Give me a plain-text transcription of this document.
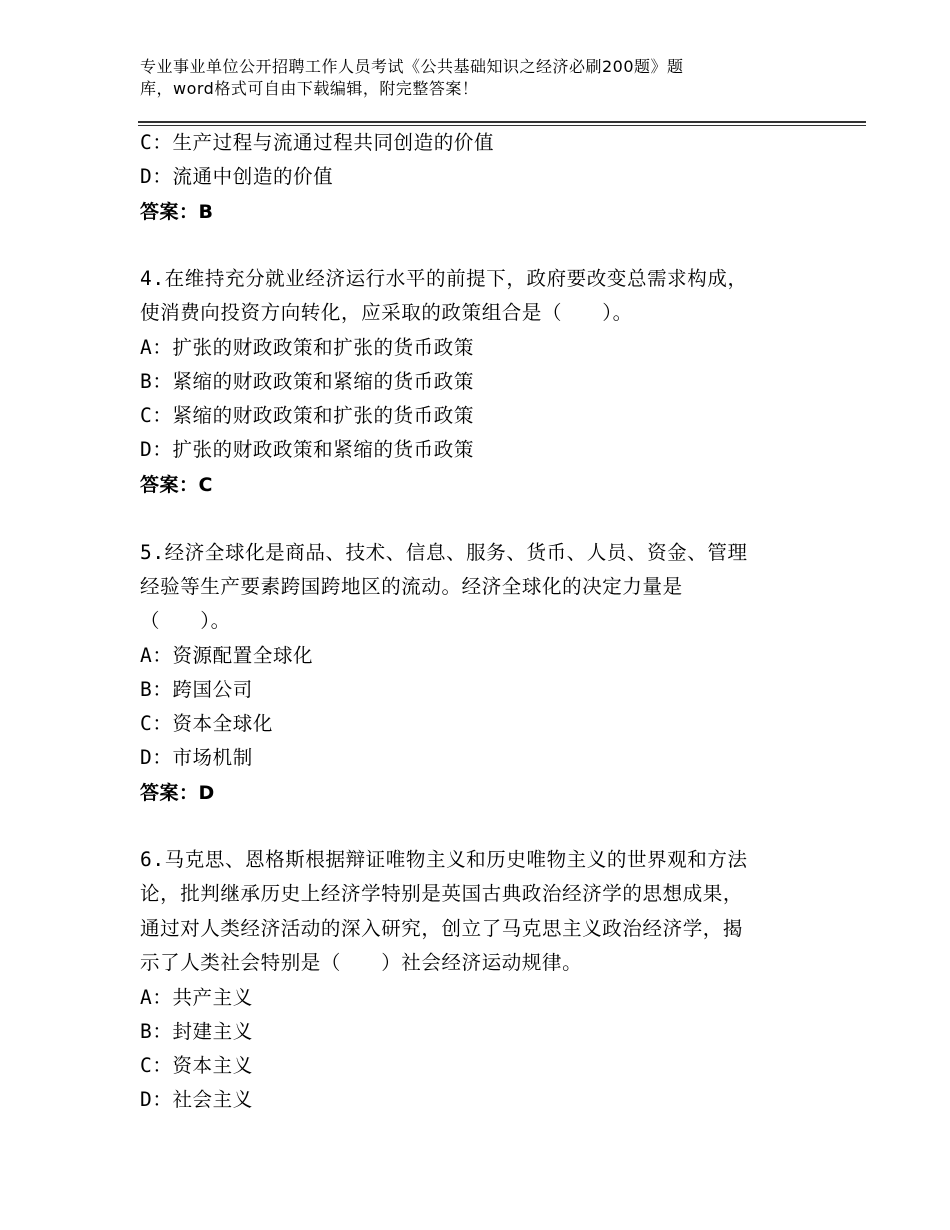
专业事业单位公开招聘工作人员考试《公共基础知识之经济必刷200题》题
库，word格式可自由下载编辑，附完整答案！
C：生产过程与流通过程共同创造的价值
D：流通中创造的价值
答案：B
4.在维持充分就业经济运行水平的前提下，政府要改变总需求构成，
使消费向投资方向转化，应采取的政策组合是（　　）。
A：扩张的财政政策和扩张的货币政策
B：紧缩的财政政策和紧缩的货币政策
C：紧缩的财政政策和扩张的货币政策
D：扩张的财政政策和紧缩的货币政策
答案：C
5.经济全球化是商品、技术、信息、服务、货币、人员、资金、管理
经验等生产要素跨国跨地区的流动。经济全球化的决定力量是
（　　）。
A：资源配置全球化
B：跨国公司
C：资本全球化
D：市场机制
答案：D
6.马克思、恩格斯根据辩证唯物主义和历史唯物主义的世界观和方法
论，批判继承历史上经济学特别是英国古典政治经济学的思想成果，
通过对人类经济活动的深入研究，创立了马克思主义政治经济学，揭
示了人类社会特别是（　　）社会经济运动规律。
A：共产主义
B：封建主义
C：资本主义
D：社会主义
